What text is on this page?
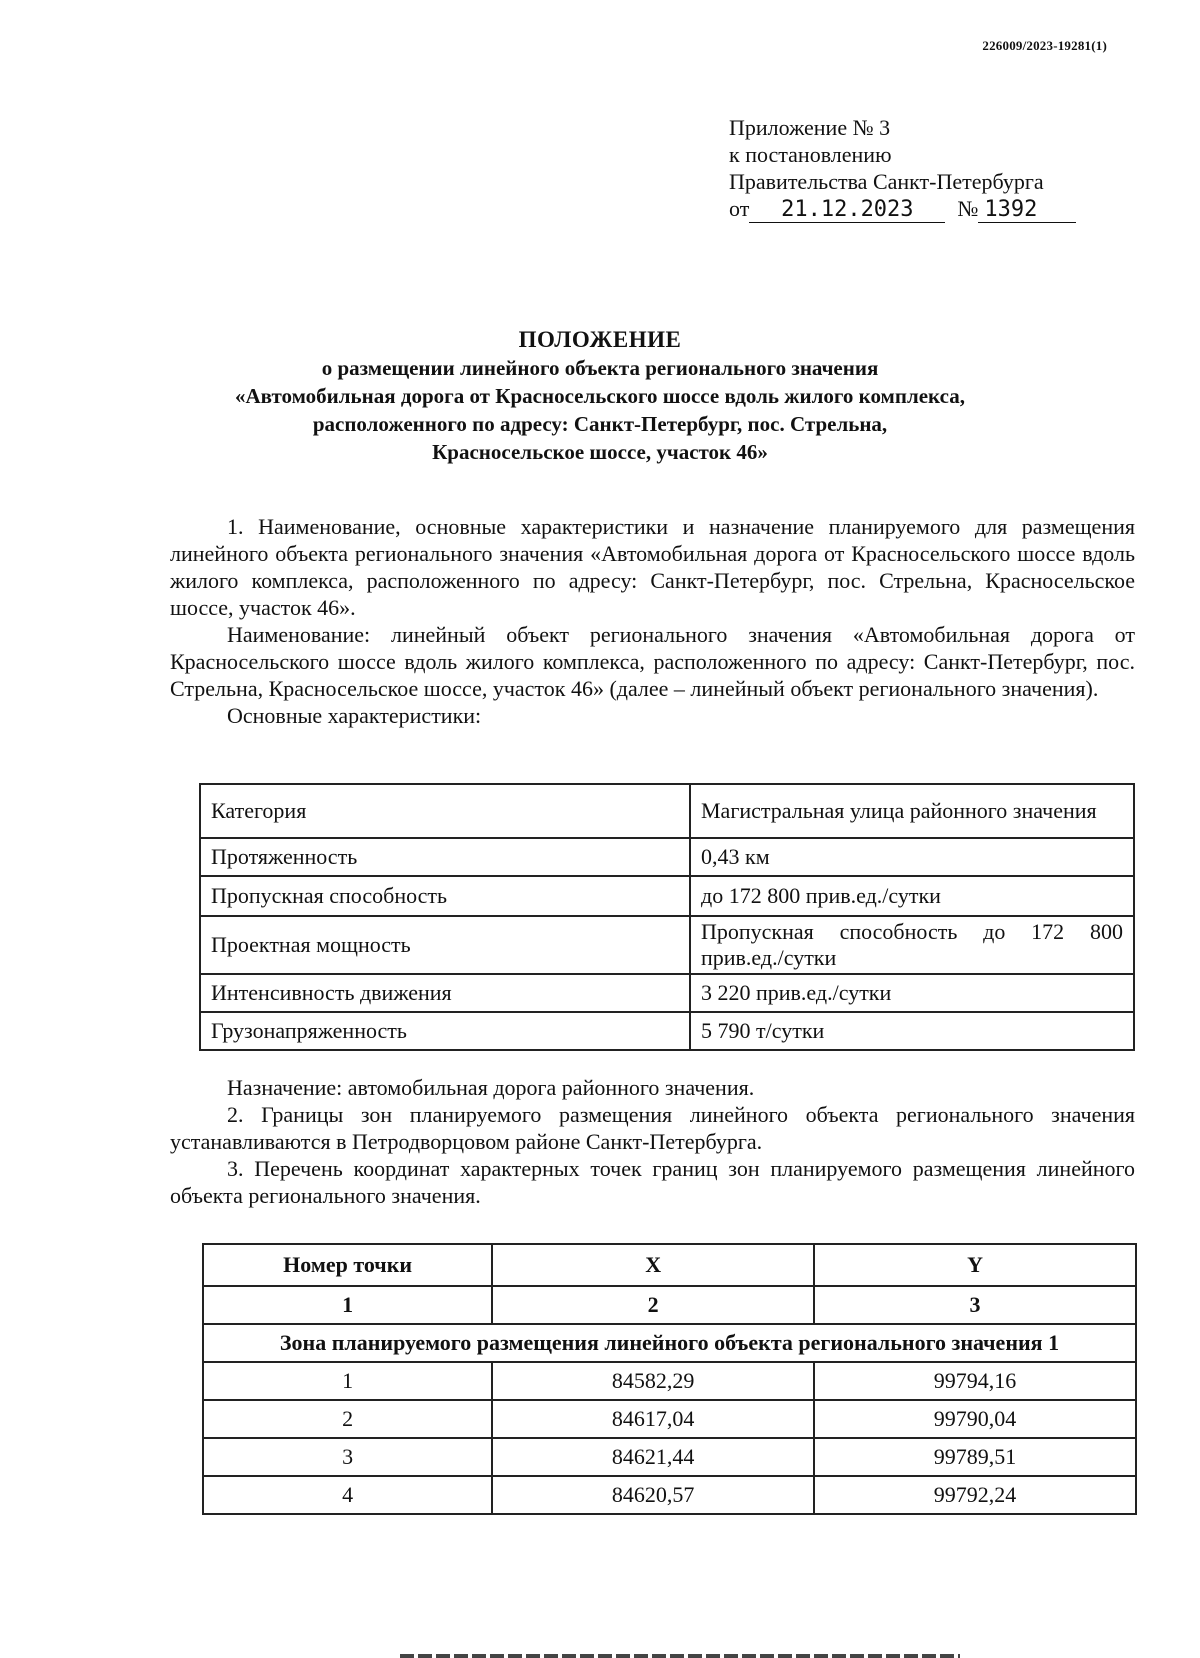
226009/2023-19281(1)
Приложение № 3
к постановлению
Правительства Санкт-Петербурга
от	21.12.2023	№ 1392
ПОЛОЖЕНИЕ
о размещении линейного объекта регионального значения
«Автомобильная дорога от Красносельского шоссе вдоль жилого комплекса,
расположенного по адресу: Санкт-Петербург, пос. Стрельна,
Красносельское шоссе, участок 46»

1. Наименование, основные характеристики и назначение планируемого для размещения линейного объекта регионального значения «Автомобильная дорога от Красносельского шоссе вдоль жилого комплекса, расположенного по адресу: Санкт-Петербург, пос. Стрельна, Красносельское шоссе, участок 46».

Наименование: линейный объект регионального значения «Автомобильная дорога от Красносельского шоссе вдоль жилого комплекса, расположенного по адресу: Санкт-Петербург, пос. Стрельна, Красносельское шоссе, участок 46» (далее – линейный объект регионального значения).

Основные характеристики:

Категория	Магистральная улица районного значения
Протяженность	0,43 км
Пропускная способность	до 172 800 прив.ед./сутки
Проектная мощность	Пропускная способность до 172 800 прив.ед./сутки
Интенсивность движения	3 220 прив.ед./сутки
Грузонапряженность	5 790 т/сутки

Назначение: автомобильная дорога районного значения.

2. Границы зон планируемого размещения линейного объекта регионального значения устанавливаются в Петродворцовом районе Санкт-Петербурга.

3. Перечень координат характерных точек границ зон планируемого размещения линейного объекта регионального значения.

Номер точки	X	Y
1	2	3
Зона планируемого размещения линейного объекта регионального значения 1		
1	84582,29	99794,16
2	84617,04	99790,04
3	84621,44	99789,51
4	84620,57	99792,24
